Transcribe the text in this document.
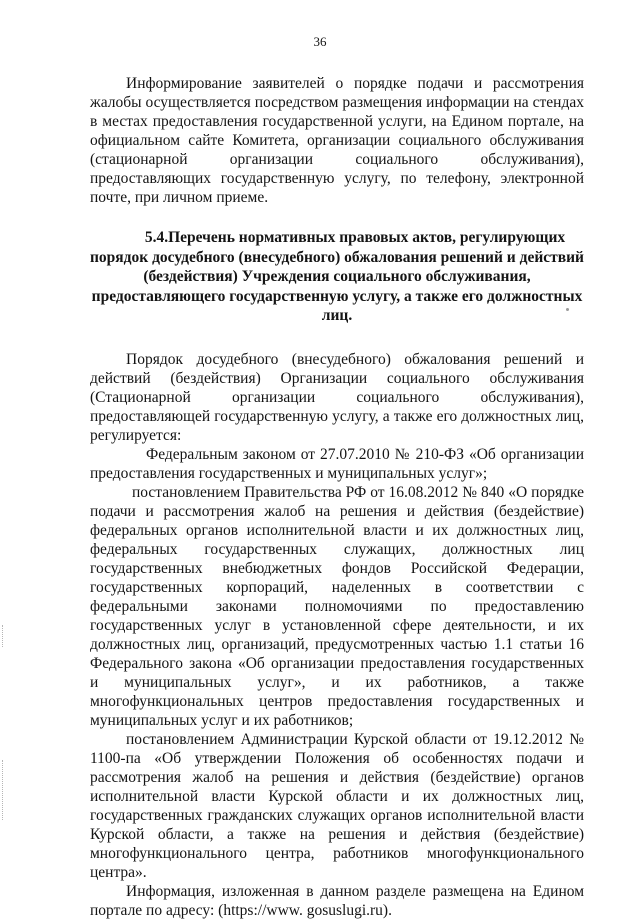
36

Информирование заявителей о порядке подачи и рассмотрения жалобы осуществляется посредством размещения информации на стендах в местах предоставления государственной услуги, на Едином портале, на официальном сайте Комитета, организации социального обслуживания (стационарной организации социального обслуживания), предоставляющих государственную услугу, по телефону, электронной почте, при личном приеме.

5.4.Перечень нормативных правовых актов, регулирующих
порядок досудебного (внесудебного) обжалования решений и действий
(бездействия) Учреждения социального обслуживания,
предоставляющего государственную услугу, а также его должностных
лиц.

Порядок досудебного (внесудебного) обжалования решений и действий (бездействия) Организации социального обслуживания (Стационарной организации социального обслуживания), предоставляющей государственную услугу, а также его должностных лиц, регулируется:

Федеральным законом от 27.07.2010 № 210-ФЗ «Об организации предоставления государственных и муниципальных услуг»;

постановлением Правительства РФ от 16.08.2012 № 840 «О порядке подачи и рассмотрения жалоб на решения и действия (бездействие) федеральных органов исполнительной власти и их должностных лиц, федеральных государственных служащих, должностных лиц государственных внебюджетных фондов Российской Федерации, государственных корпораций, наделенных в соответствии с федеральными законами полномочиями по предоставлению государственных услуг в установленной сфере деятельности, и их должностных лиц, организаций, предусмотренных частью 1.1 статьи 16 Федерального закона «Об организации предоставления государственных и муниципальных услуг», и их работников, а также многофункциональных центров предоставления государственных и муниципальных услуг и их работников;

постановлением Администрации Курской области от 19.12.2012 № 1100-па «Об утверждении Положения об особенностях подачи и рассмотрения жалоб на решения и действия (бездействие) органов исполнительной власти Курской области и их должностных лиц, государственных гражданских служащих органов исполнительной власти Курской области, а также на решения и действия (бездействие) многофункционального центра, работников многофункционального центра».

Информация, изложенная в данном разделе размещена на Едином портале по адресу: (https://www. gosuslugi.ru).
